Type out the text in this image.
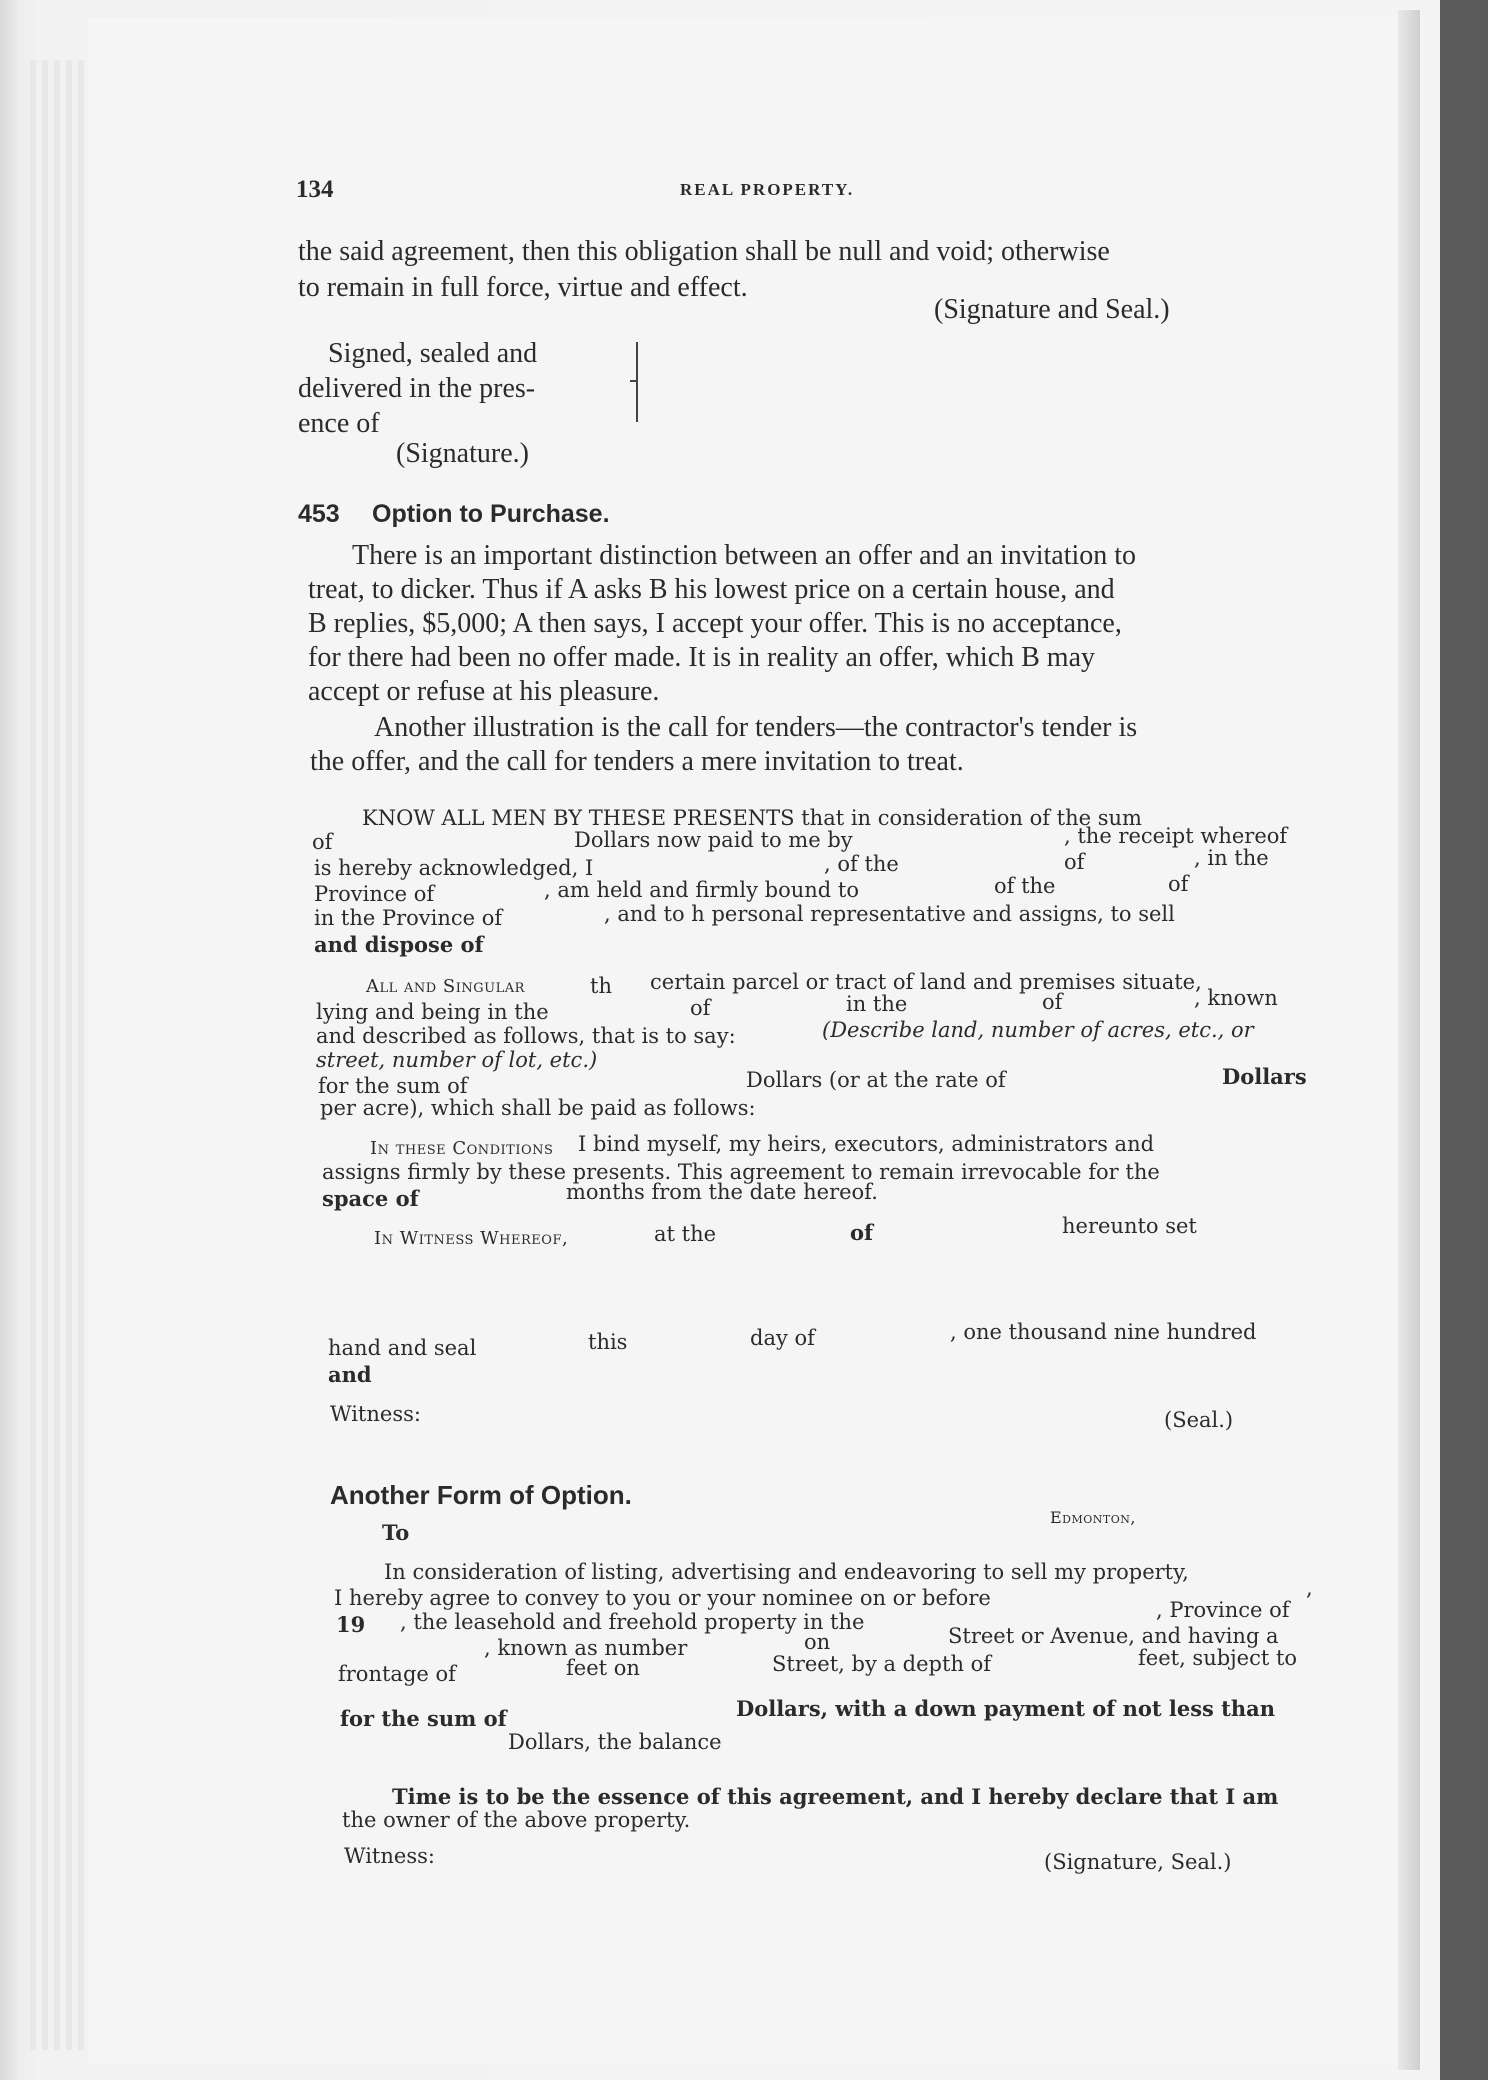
134	REAL PROPERTY.
the said agreement, then this obligation shall be null and void; otherwise
to remain in full force, virtue and effect.
(Signature and Seal.)
Signed, sealed and
delivered in the pres-
ence of
(Signature.)
453 Option to Purchase.
There is an important distinction between an offer and an invitation to
treat, to dicker. Thus if A asks B his lowest price on a certain house, and
B replies, $5,000; A then says, I accept your offer. This is no acceptance,
for there had been no offer made. It is in reality an offer, which B may
accept or refuse at his pleasure.
Another illustration is the call for tenders—the contractor's tender is
the offer, and the call for tenders a mere invitation to treat.
KNOW ALL MEN BY THESE PRESENTS that in consideration of the sum
of	Dollars now paid to me by	, the receipt whereof
is hereby acknowledged, I	, of the	of	, in the
Province of	, am held and firmly bound to	of the	of
in the Province of	, and to h personal representative and assigns, to sell
and dispose of
All and Singular	th certain parcel or tract of land and premises situate,
lying and being in the	of	in the	of	, known
and described as follows, that is to say:	(Describe land, number of acres, etc., or
street, number of lot, etc.)
for the sum of	Dollars (or at the rate of	Dollars
per acre), which shall be paid as follows:
In these Conditions I bind myself, my heirs, executors, administrators and
assigns firmly by these presents. This agreement to remain irrevocable for the
space of	months from the date hereof.
In Witness Whereof,	at the	of	hereunto set
hand and seal	this	day of	, one thousand nine hundred
and
Witness:	(Seal.)
Another Form of Option.
To
Edmonton,
In consideration of listing, advertising and endeavoring to sell my property,
I hereby agree to convey to you or your nominee on or before	,
19 , the leasehold and freehold property in the	, Province of
, known as number	on	Street or Avenue, and having a
frontage of	feet on	Street, by a depth of	feet, subject to
for the sum of	Dollars, with a down payment of not less than
Dollars, the balance
Time is to be the essence of this agreement, and I hereby declare that I am
the owner of the above property.
Witness:	(Signature, Seal.)
